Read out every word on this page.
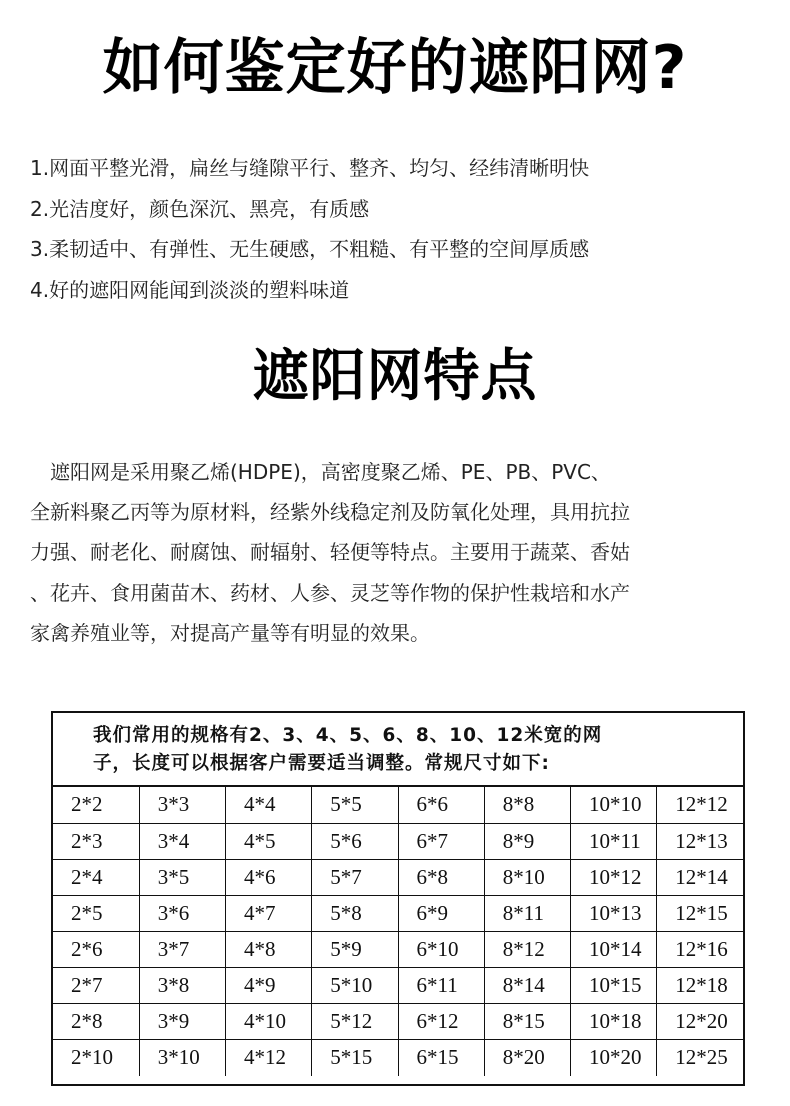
如何鉴定好的遮阳网?
1.网面平整光滑，扁丝与缝隙平行、整齐、均匀、经纬清晰明快
2.光洁度好，颜色深沉、黑亮，有质感
3.柔韧适中、有弹性、无生硬感，不粗糙、有平整的空间厚质感
4.好的遮阳网能闻到淡淡的塑料味道
遮阳网特点

　遮阳网是采用聚乙烯(HDPE)，高密度聚乙烯、PE、PB、PVC、
全新料聚乙丙等为原材料，经紫外线稳定剂及防氧化处理，具用抗拉
力强、耐老化、耐腐蚀、耐辐射、轻便等特点。主要用于蔬菜、香姑
、花卉、食用菌苗木、药材、人参、灵芝等作物的保护性栽培和水产
家禽养殖业等，对提高产量等有明显的效果。

我们常用的规格有2、3、4、5、6、8、10、12米宽的网
子，长度可以根据客户需要适当调整。常规尺寸如下:
2*2	3*3	4*4	5*5	6*6	8*8	10*10	12*12
2*3	3*4	4*5	5*6	6*7	8*9	10*11	12*13
2*4	3*5	4*6	5*7	6*8	8*10	10*12	12*14
2*5	3*6	4*7	5*8	6*9	8*11	10*13	12*15
2*6	3*7	4*8	5*9	6*10	8*12	10*14	12*16
2*7	3*8	4*9	5*10	6*11	8*14	10*15	12*18
2*8	3*9	4*10	5*12	6*12	8*15	10*18	12*20
2*10	3*10	4*12	5*15	6*15	8*20	10*20	12*25
